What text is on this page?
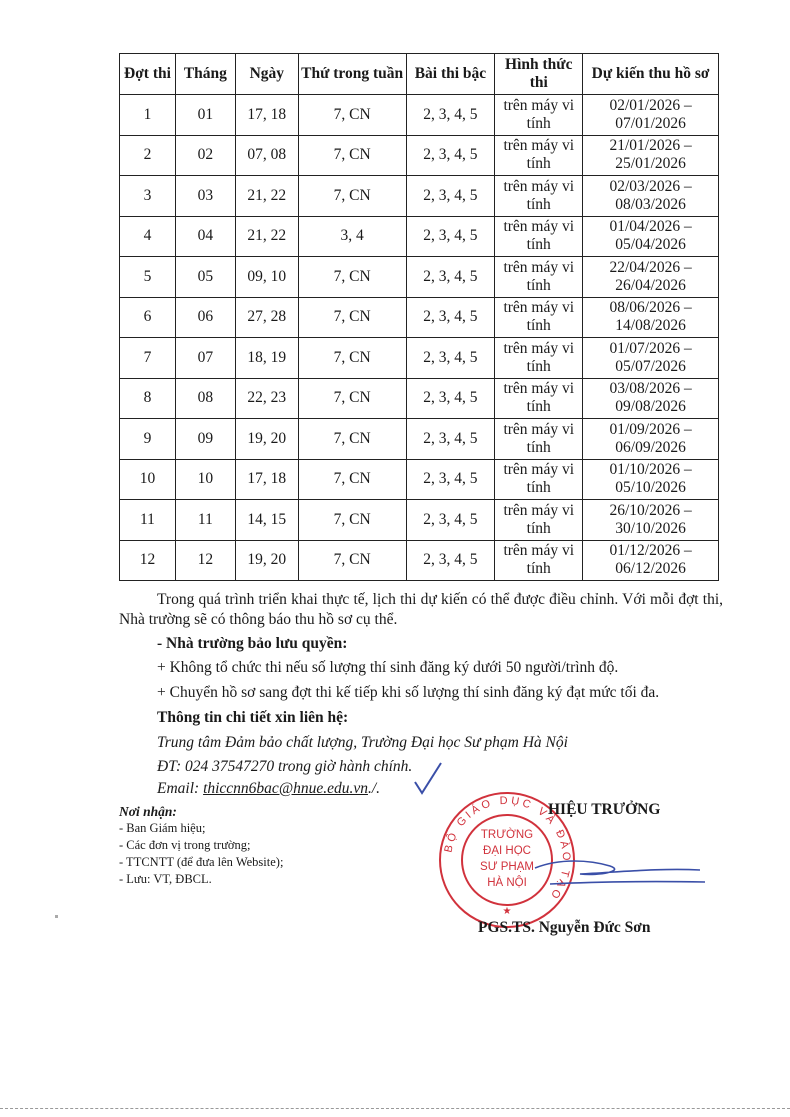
Đợt thi	Tháng	Ngày	Thứ trong tuần	Bài thi bậc	Hình thức thi	Dự kiến thu hồ sơ
1	01	17, 18	7, CN	2, 3, 4, 5	trên máy vi tính	02/01/2026 – 07/01/2026
2	02	07, 08	7, CN	2, 3, 4, 5	trên máy vi tính	21/01/2026 – 25/01/2026
3	03	21, 22	7, CN	2, 3, 4, 5	trên máy vi tính	02/03/2026 – 08/03/2026
4	04	21, 22	3, 4	2, 3, 4, 5	trên máy vi tính	01/04/2026 – 05/04/2026
5	05	09, 10	7, CN	2, 3, 4, 5	trên máy vi tính	22/04/2026 – 26/04/2026
6	06	27, 28	7, CN	2, 3, 4, 5	trên máy vi tính	08/06/2026 – 14/08/2026
7	07	18, 19	7, CN	2, 3, 4, 5	trên máy vi tính	01/07/2026 – 05/07/2026
8	08	22, 23	7, CN	2, 3, 4, 5	trên máy vi tính	03/08/2026 – 09/08/2026
9	09	19, 20	7, CN	2, 3, 4, 5	trên máy vi tính	01/09/2026 – 06/09/2026
10	10	17, 18	7, CN	2, 3, 4, 5	trên máy vi tính	01/10/2026 – 05/10/2026
11	11	14, 15	7, CN	2, 3, 4, 5	trên máy vi tính	26/10/2026 – 30/10/2026
12	12	19, 20	7, CN	2, 3, 4, 5	trên máy vi tính	01/12/2026 – 06/12/2026
Trong quá trình triển khai thực tế, lịch thi dự kiến có thể được điều chỉnh. Với mỗi đợt thi, Nhà trường sẽ có thông báo thu hồ sơ cụ thể.
- Nhà trường bảo lưu quyền:
+ Không tổ chức thi nếu số lượng thí sinh đăng ký dưới 50 người/trình độ.
+ Chuyển hồ sơ sang đợt thi kế tiếp khi số lượng thí sinh đăng ký đạt mức tối đa.
Thông tin chi tiết xin liên hệ:
Trung tâm Đảm bảo chất lượng, Trường Đại học Sư phạm Hà Nội
ĐT: 024 37547270 trong giờ hành chính.
Email: thiccnn6bac@hnue.edu.vn./.
Nơi nhận:
- Ban Giám hiệu;
- Các đơn vị trong trường;
- TTCNTT (để đưa lên Website);
- Lưu: VT, ĐBCL.
BỘ GIÁO DỤC VÀ ĐÀO TẠO
TRƯỜNG
ĐẠI HỌC
SƯ PHẠM
HÀ NỘI
★
HIỆU TRƯỞNG
PGS.TS. Nguyễn Đức Sơn
